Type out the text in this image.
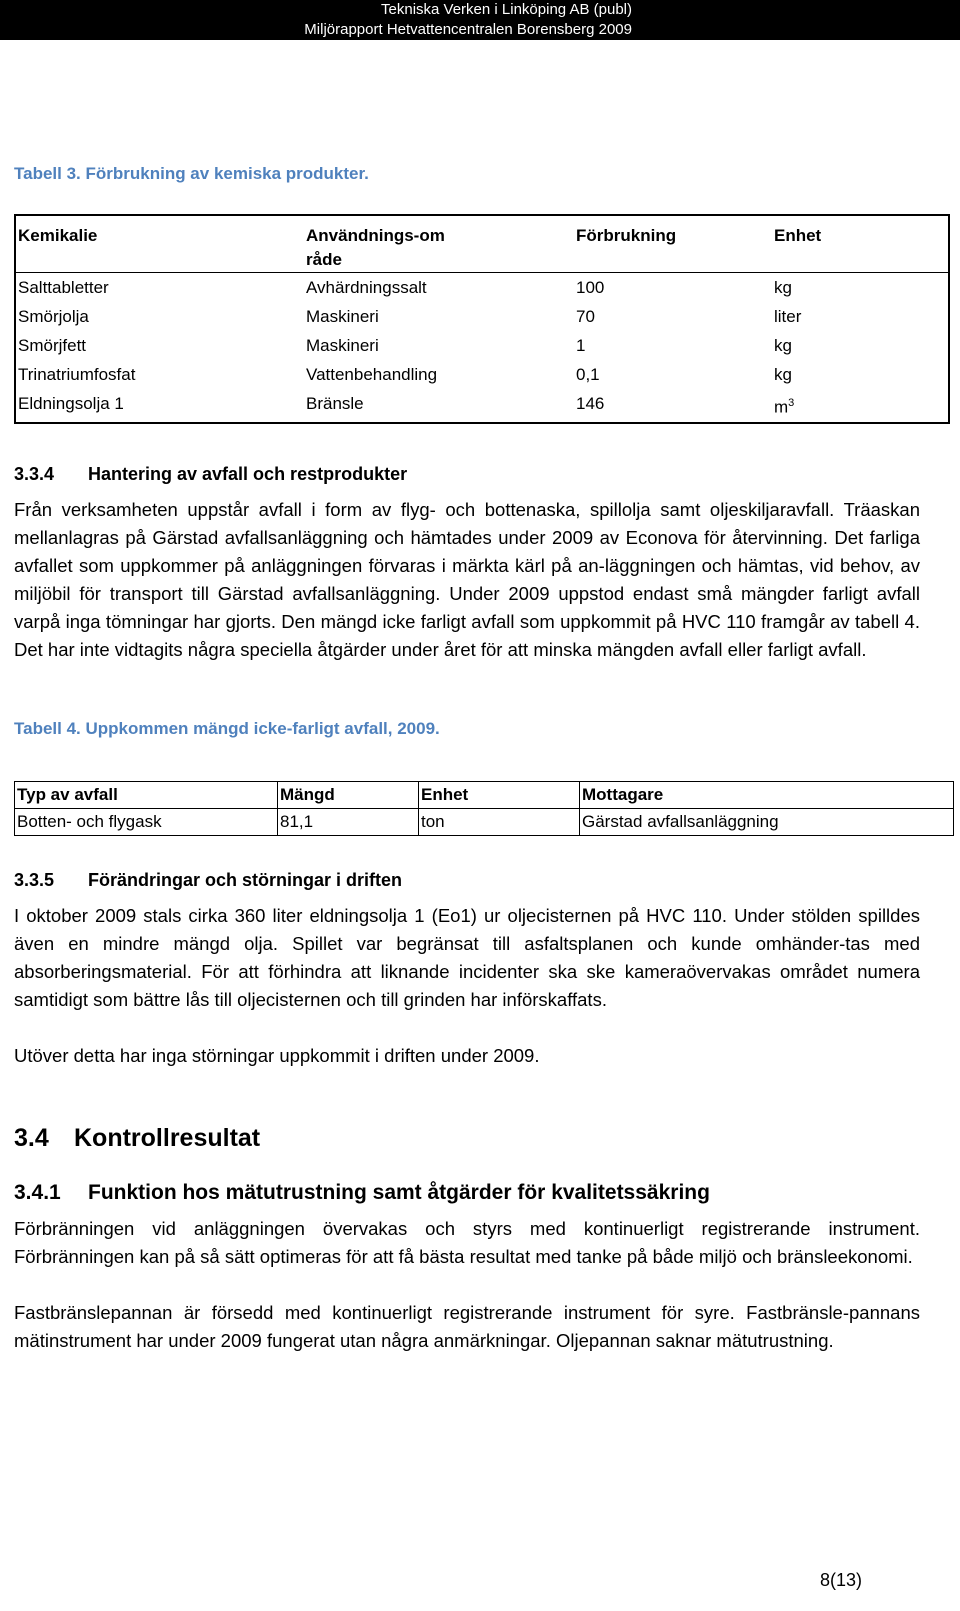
Tekniska Verken i Linköping AB (publ)
Miljörapport Hetvattencentralen Borensberg 2009
Tabell 3. Förbrukning av kemiska produkter.
Kemikalie	Användnings-område	Förbrukning	Enhet
Salttabletter	Avhärdningssalt	100	kg
Smörjolja	Maskineri	70	liter
Smörjfett	Maskineri	1	kg
Trinatriumfosfat	Vattenbehandling	0,1	kg
Eldningsolja 1	Bränsle	146	$m^3$
3.3.4 Hantering av avfall och restprodukter
Från verksamheten uppstår avfall i form av flyg- och bottenaska, spillolja samt oljeskiljaravfall. Träaskan mellanlagras på Gärstad avfallsanläggning och hämtades under 2009 av Econova för återvinning. Det farliga avfallet som uppkommer på anläggningen förvaras i märkta kärl på an-läggningen och hämtas, vid behov, av miljöbil för transport till Gärstad avfallsanläggning. Under 2009 uppstod endast små mängder farligt avfall varpå inga tömningar har gjorts. Den mängd icke farligt avfall som uppkommit på HVC 110 framgår av tabell 4. Det har inte vidtagits några speciella åtgärder under året för att minska mängden avfall eller farligt avfall.
Tabell 4. Uppkommen mängd icke-farligt avfall, 2009.
Typ av avfall	Mängd	Enhet	Mottagare
Botten- och flygask	81,1	ton	Gärstad avfallsanläggning
3.3.5 Förändringar och störningar i driften
I oktober 2009 stals cirka 360 liter eldningsolja 1 (Eo1) ur oljecisternen på HVC 110. Under stölden spilldes även en mindre mängd olja. Spillet var begränsat till asfaltsplanen och kunde omhänder-tas med absorberingsmaterial. För att förhindra att liknande incidenter ska ske kameraövervakas området numera samtidigt som bättre lås till oljecisternen och till grinden har införskaffats.
Utöver detta har inga störningar uppkommit i driften under 2009.
3.4 Kontrollresultat
3.4.1 Funktion hos mätutrustning samt åtgärder för kvalitetssäkring
Förbränningen vid anläggningen övervakas och styrs med kontinuerligt registrerande instrument. Förbränningen kan på så sätt optimeras för att få bästa resultat med tanke på både miljö och bränsleekonomi.
Fastbränslepannan är försedd med kontinuerligt registrerande instrument för syre. Fastbränsle-pannans mätinstrument har under 2009 fungerat utan några anmärkningar. Oljepannan saknar mätutrustning.
8(13)
